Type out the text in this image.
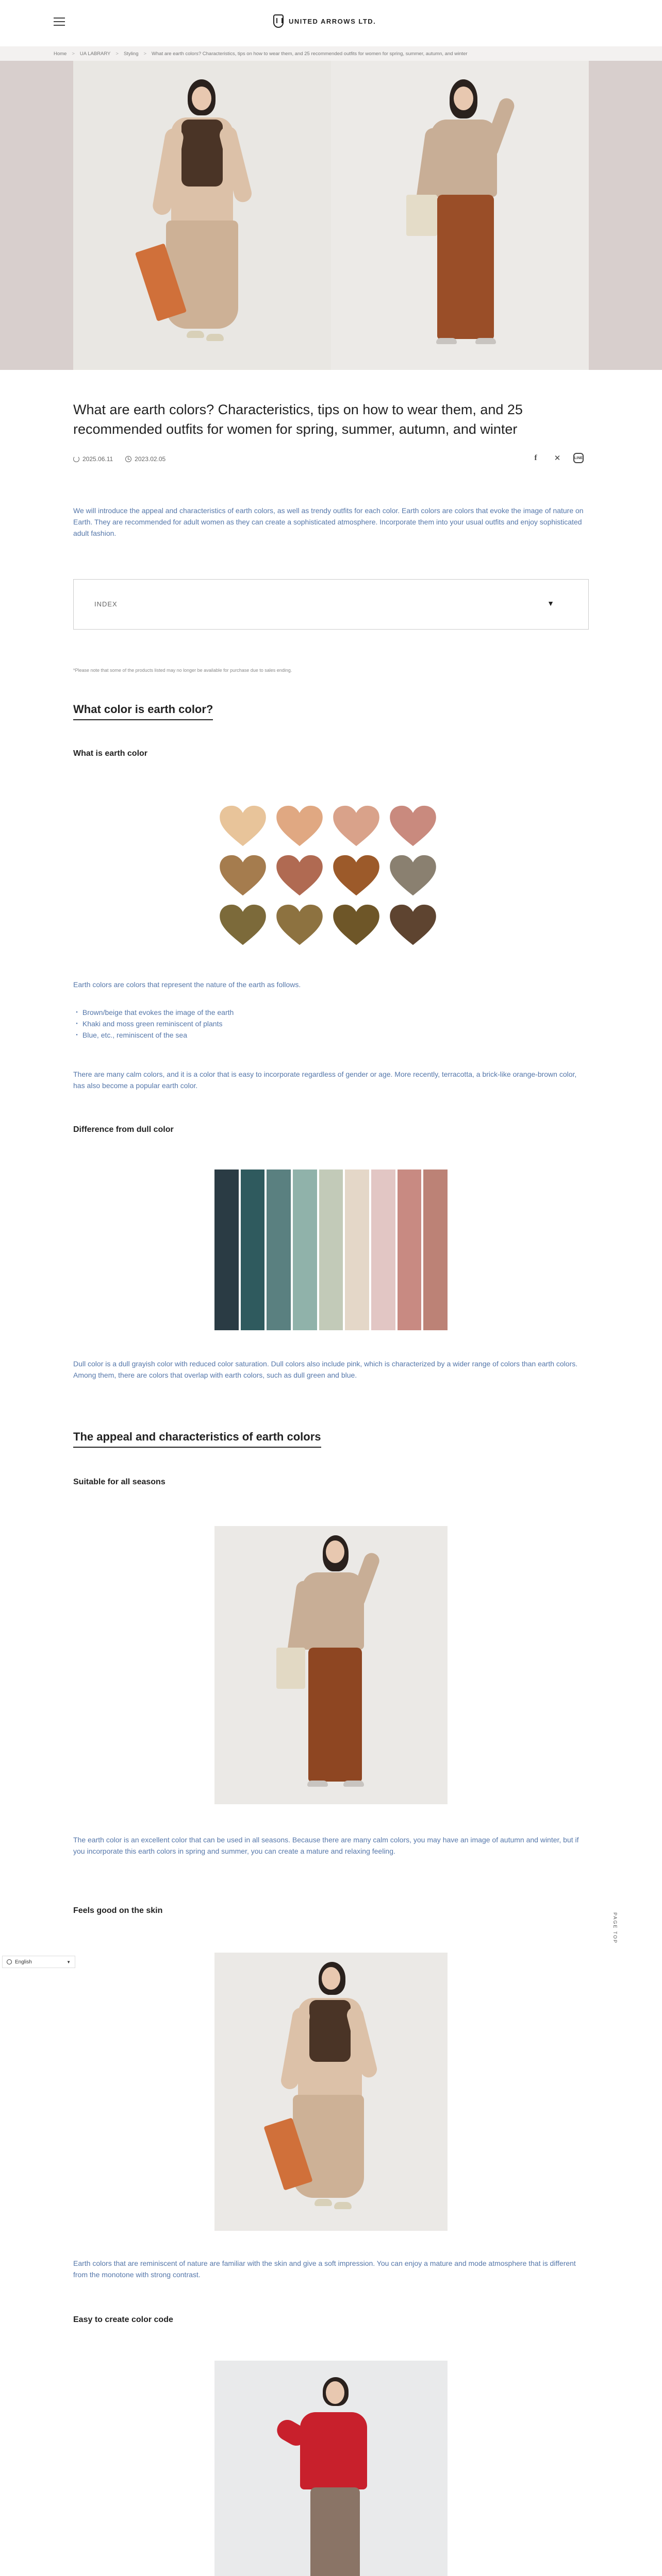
UNITED ARROWS LTD.
Home > UA LABRARY > Styling > What are earth colors? Characteristics, tips on how to wear them, and 25 recommended outfits for women for spring, summer, autumn, and winter
What are earth colors? Characteristics, tips on how to wear them, and 25 recommended outfits for women for spring, summer, autumn, and winter
2025.06.11	2023.02.05	f	✕	LINE

We will introduce the appeal and characteristics of earth colors, as well as trendy outfits for each color. Earth colors are colors that evoke the image of nature on Earth. They are recommended for adult women as they can create a sophisticated atmosphere. Incorporate them into your usual outfits and enjoy sophisticated adult fashion.

INDEX	▼

*Please note that some of the products listed may no longer be available for purchase due to sales ending.

What color is earth color?
What is earth color

Earth colors are colors that represent the nature of the earth as follows.

・ Brown/beige that evokes the image of the earth

・ Khaki and moss green reminiscent of plants

・ Blue, etc., reminiscent of the sea

There are many calm colors, and it is a color that is easy to incorporate regardless of gender or age. More recently, terracotta, a brick-like orange-brown color, has also become a popular earth color.

Difference from dull color

Dull color is a dull grayish color with reduced color saturation. Dull colors also include pink, which is characterized by a wider range of colors than earth colors. Among them, there are colors that overlap with earth colors, such as dull green and blue.

The appeal and characteristics of earth colors
Suitable for all seasons

The earth color is an excellent color that can be used in all seasons. Because there are many calm colors, you may have an image of autumn and winter, but if you incorporate this earth colors in spring and summer, you can create a mature and relaxing feeling.

Feels good on the skin

Earth colors that are reminiscent of nature are familiar with the skin and give a soft impression. You can enjoy a mature and mode atmosphere that is different from the monotone with strong contrast.

Easy to create color code

English	▼
PAGE TOP
